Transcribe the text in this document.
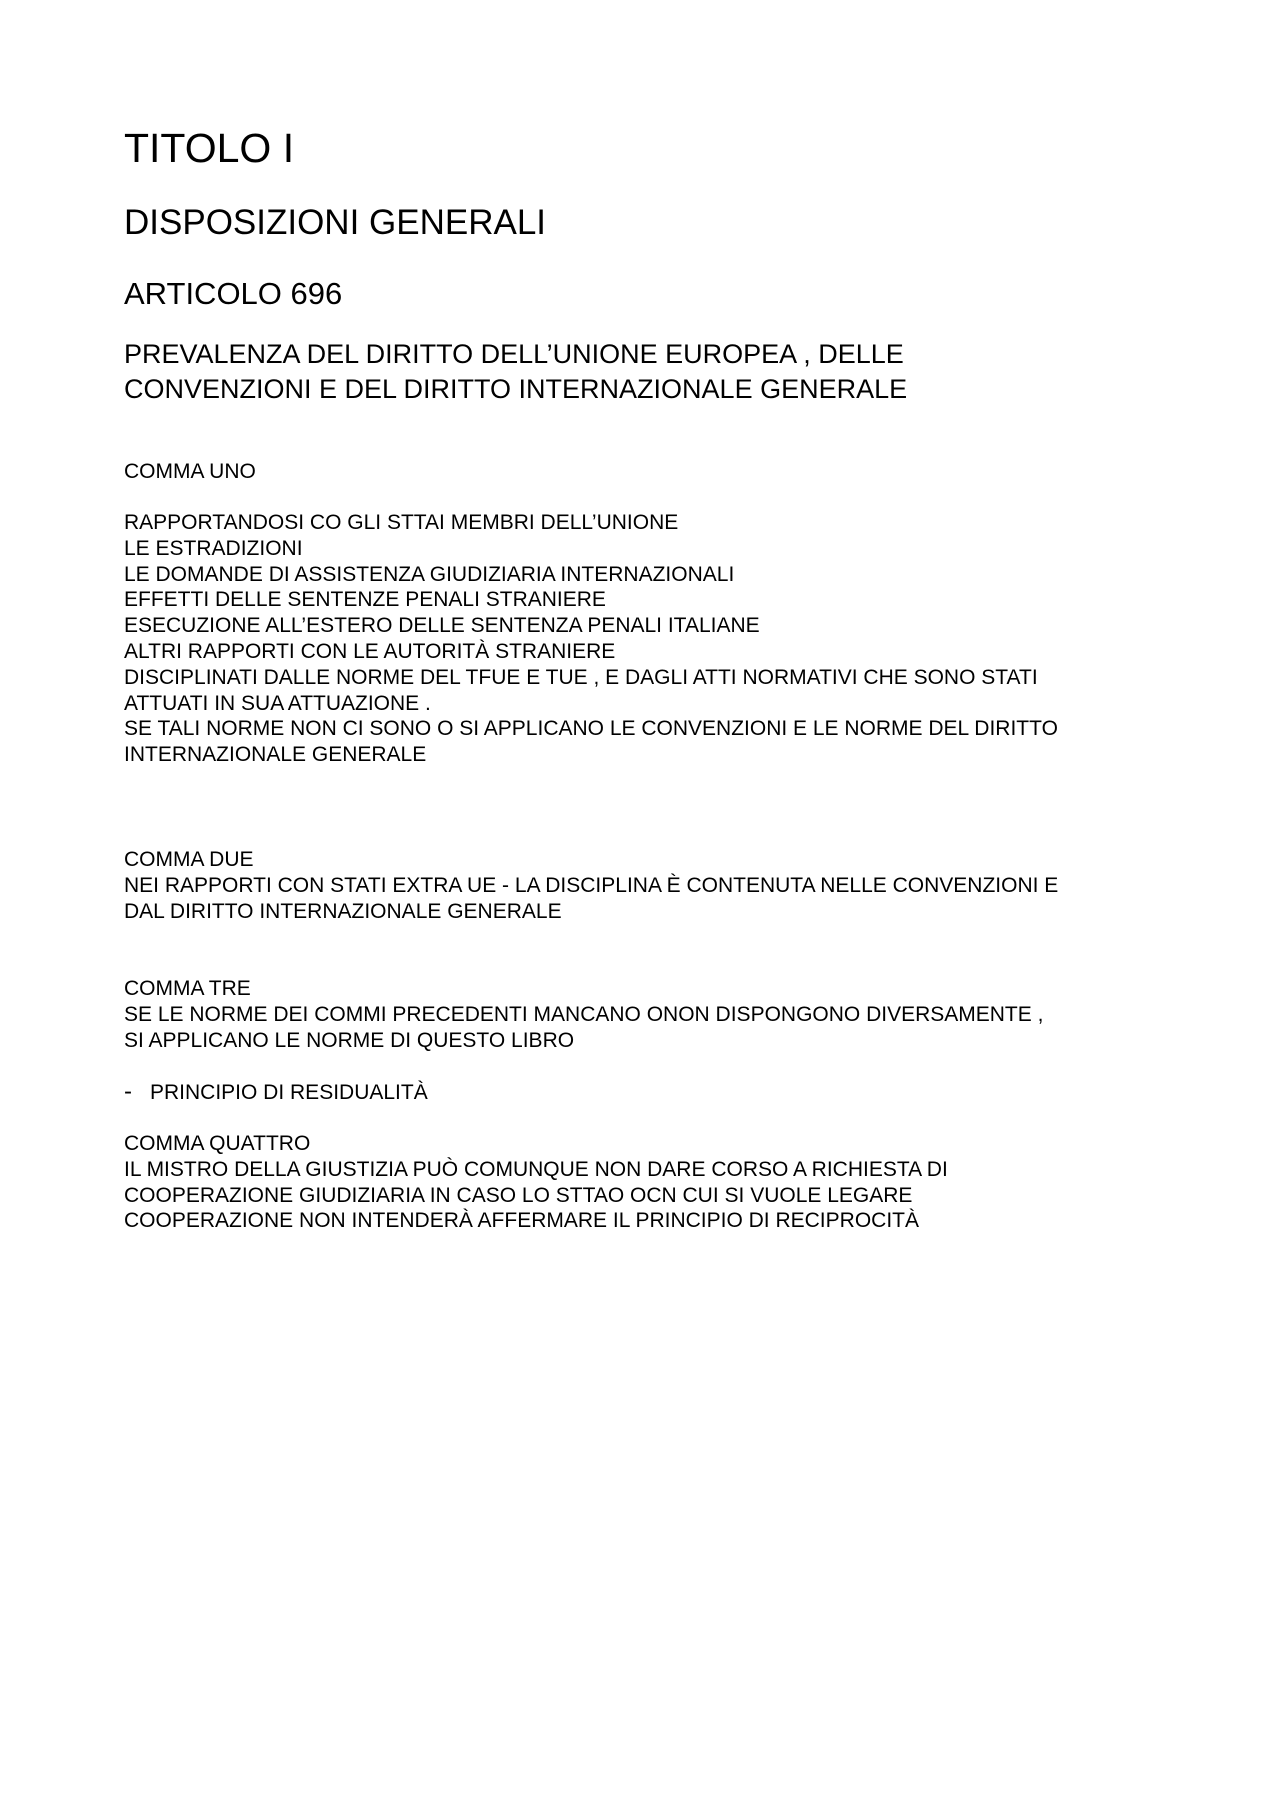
TITOLO I
DISPOSIZIONI GENERALI
ARTICOLO 696
PREVALENZA DEL DIRITTO DELL’UNIONE EUROPEA , DELLE
CONVENZIONI E DEL DIRITTO INTERNAZIONALE GENERALE
COMMA UNO
RAPPORTANDOSI CO GLI STTAI MEMBRI DELL’UNIONE
LE ESTRADIZIONI
LE DOMANDE DI ASSISTENZA GIUDIZIARIA INTERNAZIONALI
EFFETTI DELLE SENTENZE PENALI STRANIERE
ESECUZIONE ALL’ESTERO DELLE SENTENZA PENALI ITALIANE
ALTRI RAPPORTI CON LE AUTORITÀ STRANIERE
DISCIPLINATI DALLE NORME DEL TFUE E TUE , E DAGLI ATTI NORMATIVI CHE SONO STATI
ATTUATI IN SUA ATTUAZIONE .
SE TALI NORME NON CI SONO O SI APPLICANO LE CONVENZIONI E LE NORME DEL DIRITTO
INTERNAZIONALE GENERALE
COMMA DUE
NEI RAPPORTI CON STATI EXTRA UE - LA DISCIPLINA È CONTENUTA NELLE CONVENZIONI E
DAL DIRITTO INTERNAZIONALE GENERALE
COMMA TRE
SE LE NORME DEI COMMI PRECEDENTI MANCANO ONON DISPONGONO DIVERSAMENTE ,
SI APPLICANO LE NORME DI QUESTO LIBRO
- PRINCIPIO DI RESIDUALITÀ
COMMA QUATTRO
IL MISTRO DELLA GIUSTIZIA PUÒ COMUNQUE NON DARE CORSO A RICHIESTA DI
COOPERAZIONE GIUDIZIARIA IN CASO LO STTAO OCN CUI SI VUOLE LEGARE
COOPERAZIONE NON INTENDERÀ AFFERMARE IL PRINCIPIO DI RECIPROCITÀ
